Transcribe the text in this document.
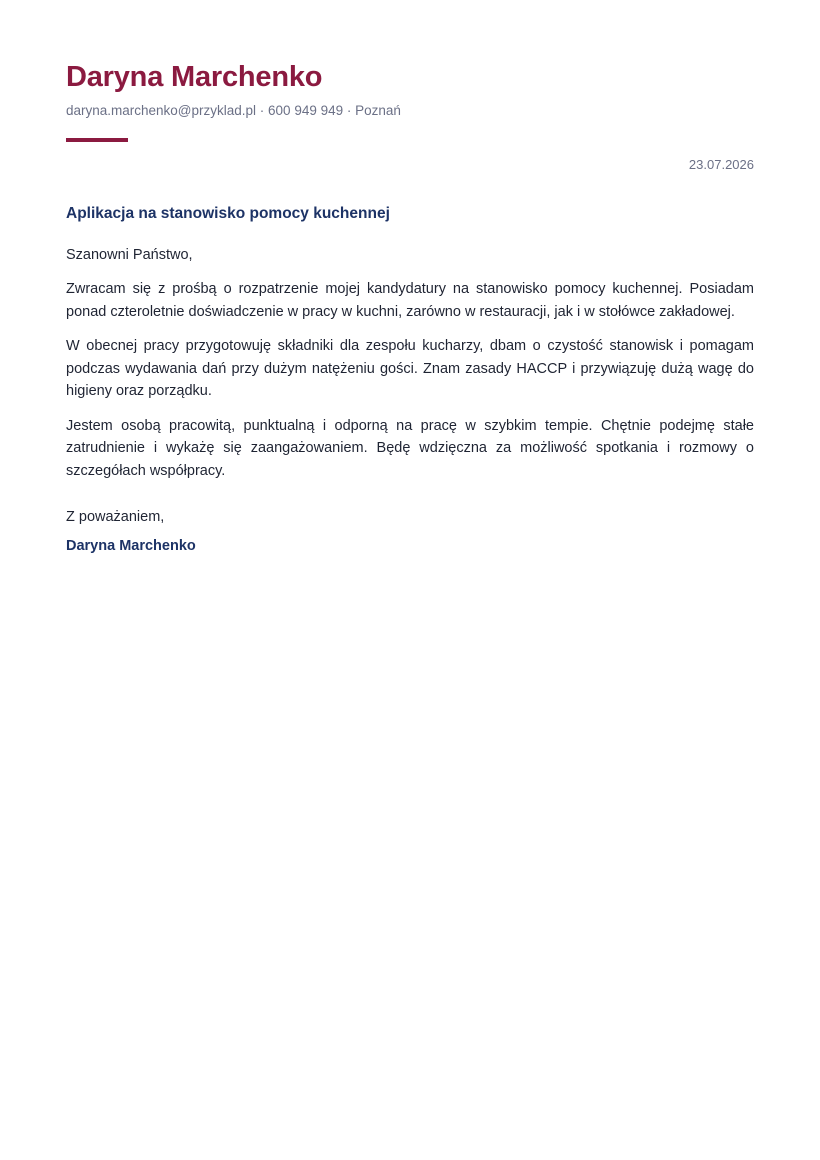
Daryna Marchenko
daryna.marchenko@przyklad.pl · 600 949 949 · Poznań
23.07.2026
Aplikacja na stanowisko pomocy kuchennej
Szanowni Państwo,

Zwracam się z prośbą o rozpatrzenie mojej kandydatury na stanowisko pomocy kuchennej. Posiadam ponad czteroletnie doświadczenie w pracy w kuchni, zarówno w restauracji, jak i w stołówce zakładowej.

W obecnej pracy przygotowuję składniki dla zespołu kucharzy, dbam o czystość stanowisk i pomagam podczas wydawania dań przy dużym natężeniu gości. Znam zasady HACCP i przywiązuję dużą wagę do higieny oraz porządku.

Jestem osobą pracowitą, punktualną i odporną na pracę w szybkim tempie. Chętnie podejmę stałe zatrudnienie i wykażę się zaangażowaniem. Będę wdzięczna za możliwość spotkania i rozmowy o szczegółach współpracy.

Z poważaniem,
Daryna Marchenko
